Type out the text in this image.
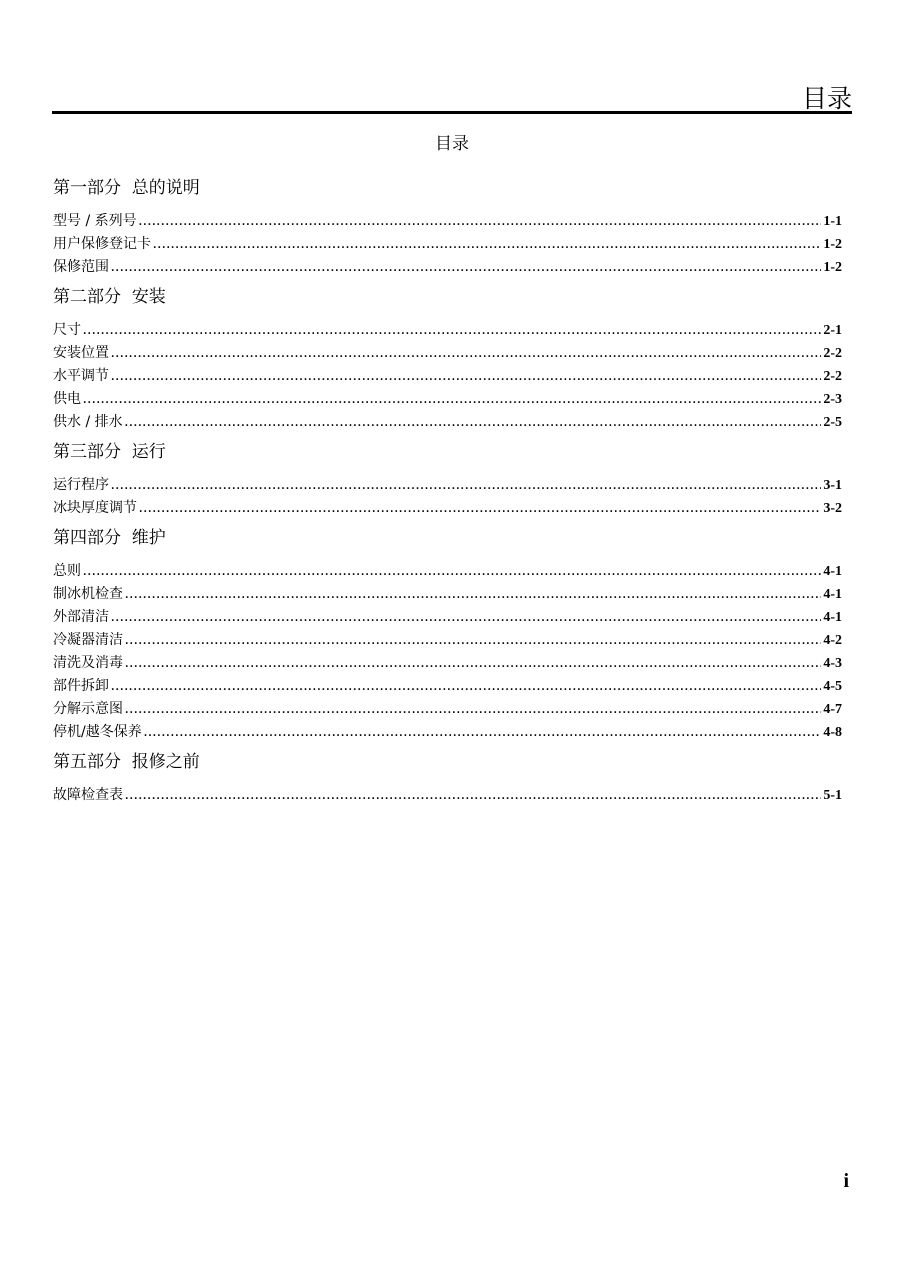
目录
目录
第一部分  总的说明
型号 / 系列号 .....	1-1
用户保修登记卡 .....	1-2
保修范围 .....	1-2
第二部分  安装
尺寸 .....	2-1
安装位置 .....	2-2
水平调节 .....	2-2
供电 .....	2-3
供水 / 排水 .....	2-5
第三部分  运行
运行程序 .....	3-1
冰块厚度调节 .....	3-2
第四部分  维护
总则 .....	4-1
制冰机检查 .....	4-1
外部清洁 .....	4-1
冷凝器清洁 .....	4-2
清洗及消毒 .....	4-3
部件拆卸 .....	4-5
分解示意图 .....	4-7
停机/越冬保养 .....	4-8
第五部分  报修之前
故障检查表 .....	5-1
i
